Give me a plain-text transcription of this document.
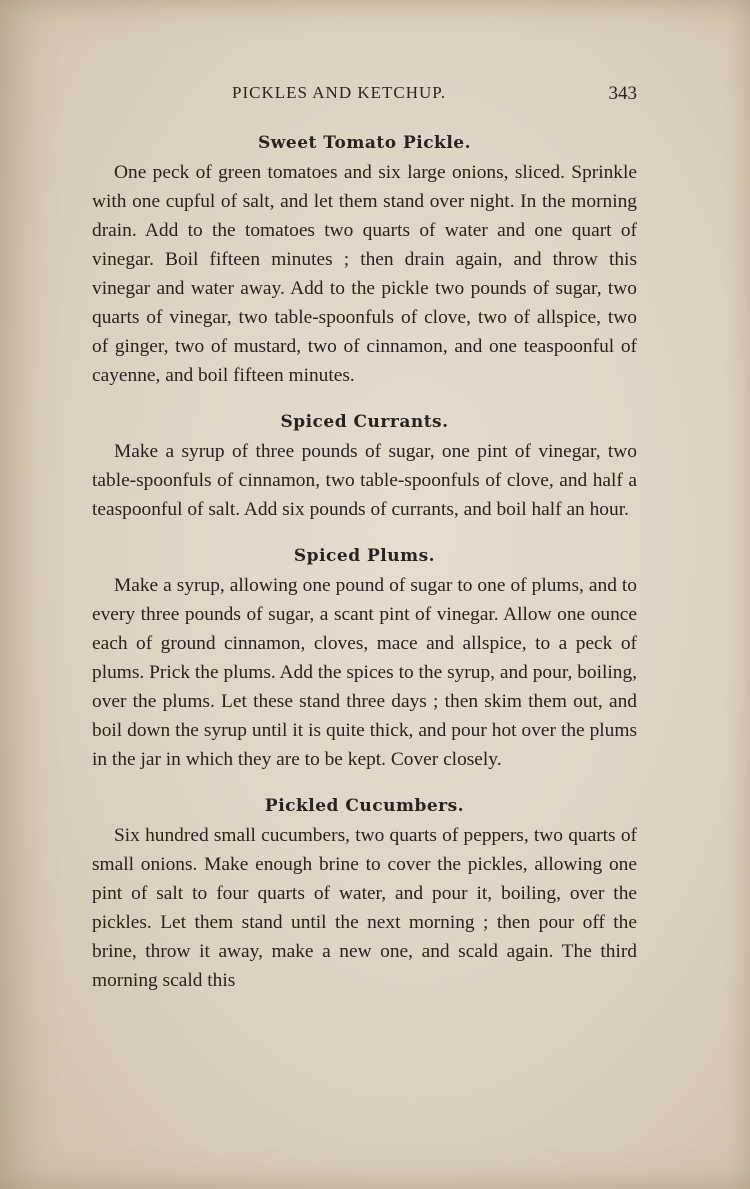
PICKLES AND KETCHUP.	343
Sweet Tomato Pickle.

One peck of green tomatoes and six large onions, sliced. Sprinkle with one cupful of salt, and let them stand over night. In the morning drain. Add to the tomatoes two quarts of water and one quart of vinegar. Boil fifteen minutes ; then drain again, and throw this vinegar and water away. Add to the pickle two pounds of sugar, two quarts of vinegar, two table-spoonfuls of clove, two of allspice, two of ginger, two of mustard, two of cinnamon, and one teaspoonful of cayenne, and boil fifteen minutes.

Spiced Currants.

Make a syrup of three pounds of sugar, one pint of vinegar, two table-spoonfuls of cinnamon, two table-spoonfuls of clove, and half a teaspoonful of salt. Add six pounds of currants, and boil half an hour.

Spiced Plums.

Make a syrup, allowing one pound of sugar to one of plums, and to every three pounds of sugar, a scant pint of vinegar. Allow one ounce each of ground cinnamon, cloves, mace and allspice, to a peck of plums. Prick the plums. Add the spices to the syrup, and pour, boiling, over the plums. Let these stand three days ; then skim them out, and boil down the syrup until it is quite thick, and pour hot over the plums in the jar in which they are to be kept. Cover closely.

Pickled Cucumbers.

Six hundred small cucumbers, two quarts of peppers, two quarts of small onions. Make enough brine to cover the pickles, allowing one pint of salt to four quarts of water, and pour it, boiling, over the pickles. Let them stand until the next morning ; then pour off the brine, throw it away, make a new one, and scald again. The third morning scald this
